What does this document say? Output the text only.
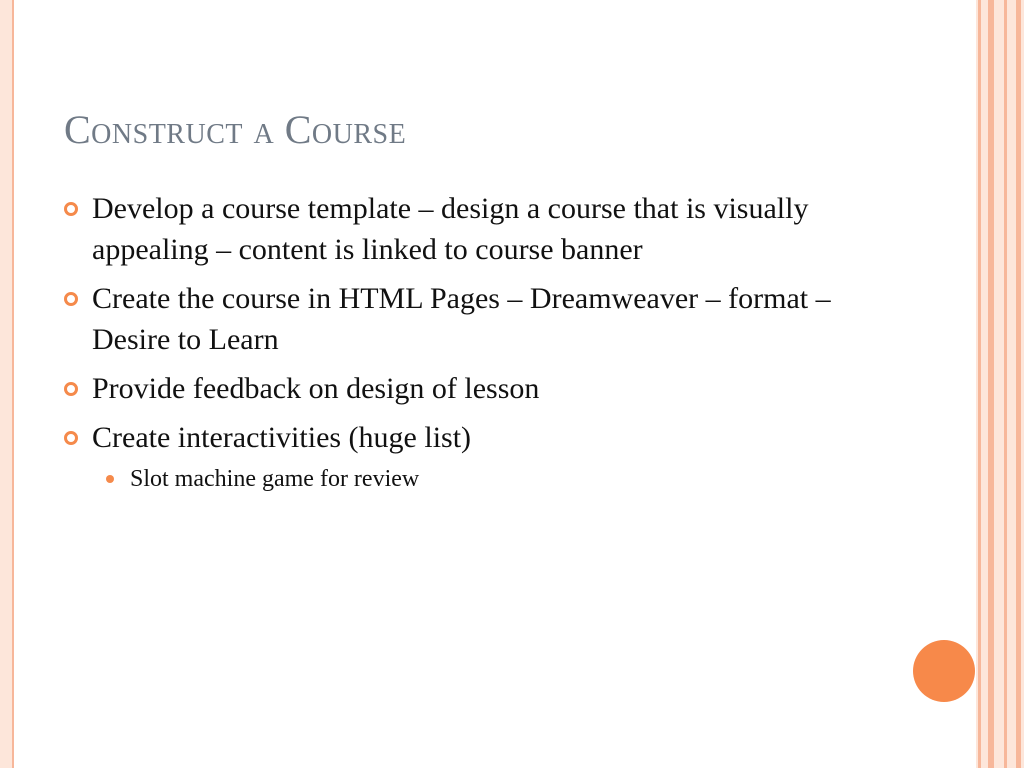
Construct a Course
Develop a course template – design a course that is visually appealing – content is linked to course banner
Create the course in HTML Pages – Dreamweaver – format – Desire to Learn
Provide feedback on design of lesson
Create interactivities (huge list)
Slot machine game for review
